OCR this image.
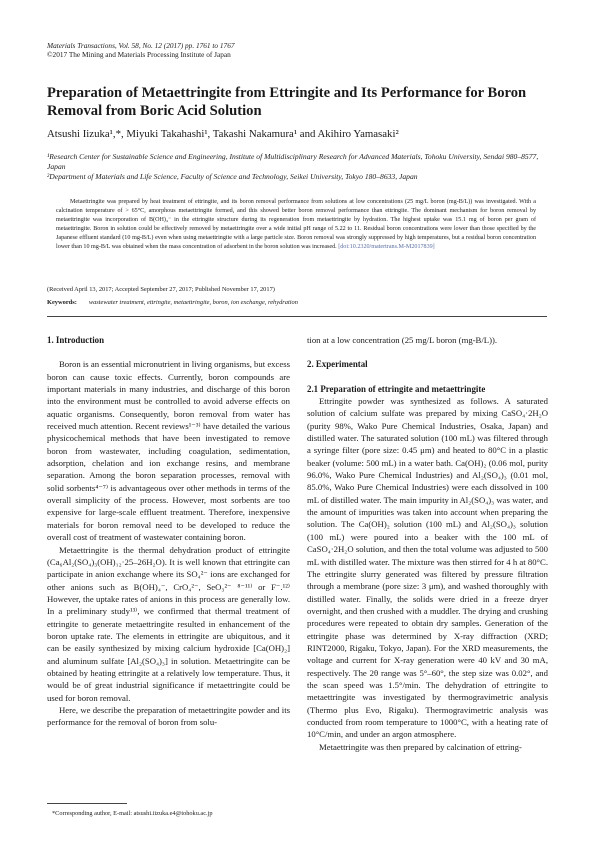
Materials Transactions, Vol. 58, No. 12 (2017) pp. 1761 to 1767
©2017 The Mining and Materials Processing Institute of Japan
Preparation of Metaettringite from Ettringite and Its Performance for Boron Removal from Boric Acid Solution
Atsushi Iizuka¹,*, Miyuki Takahashi¹, Takashi Nakamura¹ and Akihiro Yamasaki²
¹Research Center for Sustainable Science and Engineering, Institute of Multidisciplinary Research for Advanced Materials, Tohoku University, Sendai 980–8577, Japan
²Department of Materials and Life Science, Faculty of Science and Technology, Seikei University, Tokyo 180–8633, Japan
Metaettringite was prepared by heat treatment of ettringite, and its boron removal performance from solutions at low concentrations (25 mg/L boron (mg-B/L)) was investigated. With a calcination temperature of > 65°C, amorphous metaettringite formed, and this showed better boron removal performance than ettringite. The dominant mechanism for boron removal by metaettringite was incorporation of B(OH)₄⁻ in the ettringite structure during its regeneration from metaettringite by hydration. The highest uptake was 15.1 mg of boron per gram of metaettringite. Boron in solution could be effectively removed by metaettringite over a wide initial pH range of 5.22 to 11. Residual boron concentrations were lower than those specified by the Japanese effluent standard (10 mg-B/L) even when using metaettringite with a large particle size. Boron removal was strongly suppressed by high temperatures, but a residual boron concentration lower than 10 mg-B/L was obtained when the mass concentration of adsorbent in the boron solution was increased. [doi:10.2320/matertrans.M-M2017839]
(Received April 13, 2017; Accepted September 27, 2017; Published November 17, 2017)
Keywords: wastewater treatment, ettringite, metaettringite, boron, ion exchange, rehydration
1. Introduction

Boron is an essential micronutrient in living organisms, but excess boron can cause toxic effects. Currently, boron compounds are important materials in many industries, and discharge of this boron into the environment must be controlled to avoid adverse effects on aquatic organisms. Consequently, boron removal from water has received much attention. Recent reviews¹⁻³⁾ have detailed the various physicochemical methods that have been investigated to remove boron from wastewater, including coagulation, sedimentation, adsorption, chelation and ion exchange resins, and membrane separation. Among the boron separation processes, removal with solid sorbents⁴⁻⁷⁾ is advantageous over other methods in terms of the overall simplicity of the process. However, most sorbents are too expensive for large-scale effluent treatment. Therefore, inexpensive materials for boron removal need to be developed to reduce the overall cost of treatment of wastewater containing boron.

Metaettringite is the thermal dehydration product of ettringite (Ca₆Al₂(SO₄)₃(OH)₁₂·25–26H₂O). It is well known that ettringite can participate in anion exchange where its SO₄²⁻ ions are exchanged for other anions such as B(OH)₄⁻, CrO₄²⁻, SeO₃²⁻ ⁸⁻¹¹⁾ or F⁻.¹²⁾ However, the uptake rates of anions in this process are generally low. In a preliminary study¹³⁾, we confirmed that thermal treatment of ettringite to generate metaettringite resulted in enhancement of the boron uptake rate. The elements in ettringite are ubiquitous, and it can be easily synthesized by mixing calcium hydroxide [Ca(OH)₂] and aluminum sulfate [Al₂(SO₄)₃] in solution. Metaettringite can be obtained by heating ettringite at a relatively low temperature. Thus, it would be of great industrial significance if metaettringite could be used for boron removal.

Here, we describe the preparation of metaettringite powder and its performance for the removal of boron from solu-

tion at a low concentration (25 mg/L boron (mg-B/L)).
2. Experimental
2.1 Preparation of ettringite and metaettringite

Ettringite powder was synthesized as follows. A saturated solution of calcium sulfate was prepared by mixing CaSO₄·2H₂O (purity 98%, Wako Pure Chemical Industries, Osaka, Japan) and distilled water. The saturated solution (100 mL) was filtered through a syringe filter (pore size: 0.45 μm) and heated to 80°C in a plastic beaker (volume: 500 mL) in a water bath. Ca(OH)₂ (0.06 mol, purity 96.0%, Wako Pure Chemical Industries) and Al₂(SO₄)₃ (0.01 mol, 85.0%, Wako Pure Chemical Industries) were each dissolved in 100 mL of distilled water. The main impurity in Al₂(SO₄)₃ was water, and the amount of impurities was taken into account when preparing the solution. The Ca(OH)₂ solution (100 mL) and Al₂(SO₄)₃ solution (100 mL) were poured into a beaker with the 100 mL of CaSO₄·2H₂O solution, and then the total volume was adjusted to 500 mL with distilled water. The mixture was then stirred for 4 h at 80°C. The ettringite slurry generated was filtered by pressure filtration through a membrane (pore size: 3 μm), and washed thoroughly with distilled water. Finally, the solids were dried in a freeze dryer overnight, and then crushed with a muddler. The drying and crushing procedures were repeated to obtain dry samples. Generation of the ettringite phase was determined by X-ray diffraction (XRD; RINT2000, Rigaku, Tokyo, Japan). For the XRD measurements, the voltage and current for X-ray generation were 40 kV and 30 mA, respectively. The 2θ range was 5°–60°, the step size was 0.02°, and the scan speed was 1.5°/min. The dehydration of ettringite to metaettringite was investigated by thermogravimetric analysis (Thermo plus Evo, Rigaku). Thermogravimetric analysis was conducted from room temperature to 1000°C, with a heating rate of 10°C/min, and under an argon atmosphere.

Metaettringite was then prepared by calcination of ettring-

*Corresponding author, E-mail: atsushi.iizuka.e4@tohoku.ac.jp
